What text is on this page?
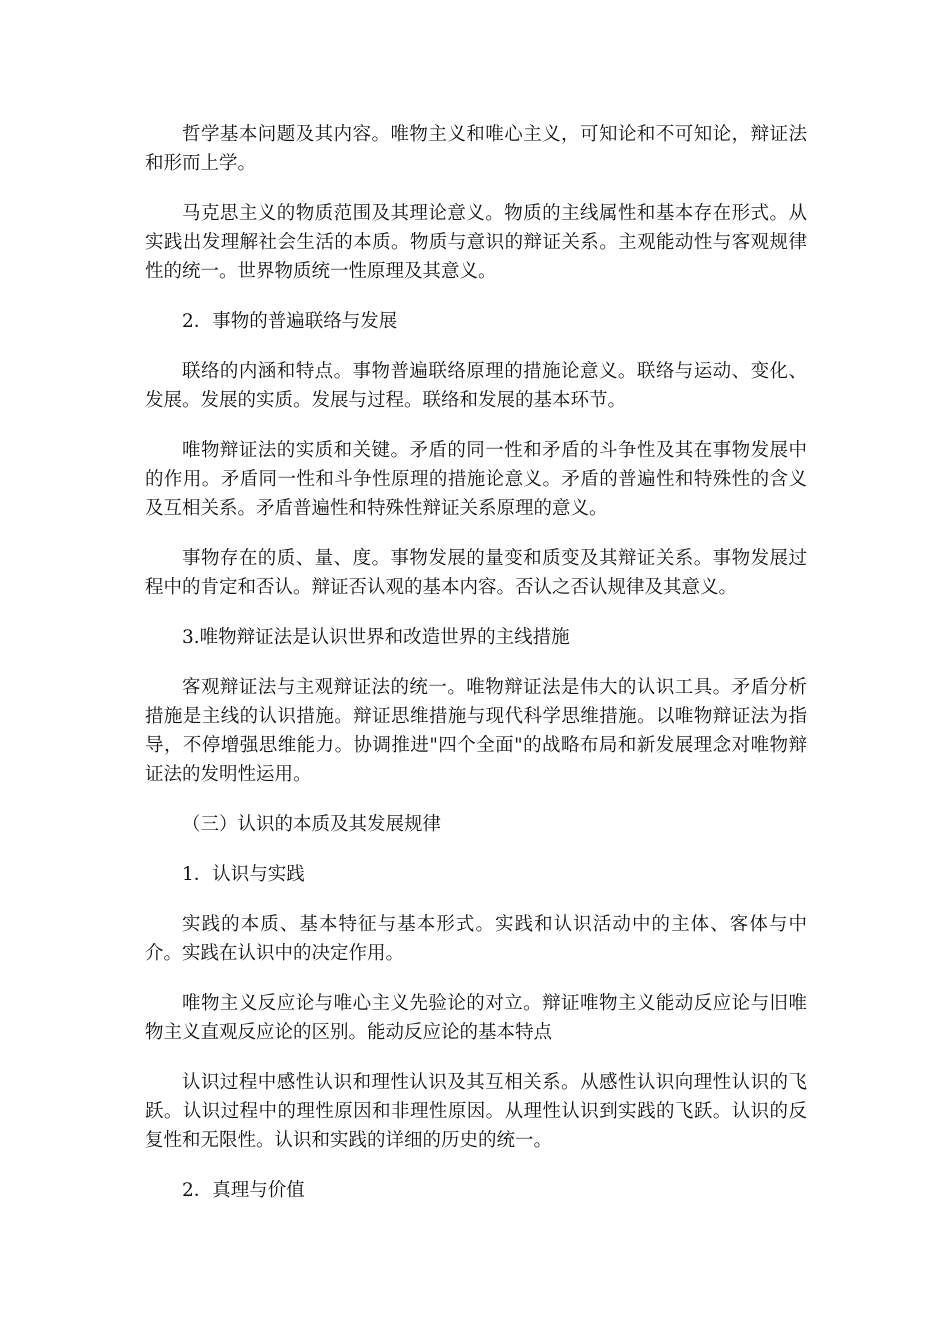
哲学基本问题及其内容。唯物主义和唯心主义，可知论和不可知论，辩证法和形而上学。

马克思主义的物质范围及其理论意义。物质的主线属性和基本存在形式。从实践出发理解社会生活的本质。物质与意识的辩证关系。主观能动性与客观规律性的统一。世界物质统一性原理及其意义。

2．事物的普遍联络与发展

联络的内涵和特点。事物普遍联络原理的措施论意义。联络与运动、变化、发展。发展的实质。发展与过程。联络和发展的基本环节。

唯物辩证法的实质和关键。矛盾的同一性和矛盾的斗争性及其在事物发展中的作用。矛盾同一性和斗争性原理的措施论意义。矛盾的普遍性和特殊性的含义及互相关系。矛盾普遍性和特殊性辩证关系原理的意义。

事物存在的质、量、度。事物发展的量变和质变及其辩证关系。事物发展过程中的肯定和否认。辩证否认观的基本内容。否认之否认规律及其意义。

3.唯物辩证法是认识世界和改造世界的主线措施

客观辩证法与主观辩证法的统一。唯物辩证法是伟大的认识工具。矛盾分析措施是主线的认识措施。辩证思维措施与现代科学思维措施。以唯物辩证法为指导，不停增强思维能力。协调推进"四个全面"的战略布局和新发展理念对唯物辩证法的发明性运用。

（三）认识的本质及其发展规律

1．认识与实践

实践的本质、基本特征与基本形式。实践和认识活动中的主体、客体与中介。实践在认识中的决定作用。

唯物主义反应论与唯心主义先验论的对立。辩证唯物主义能动反应论与旧唯物主义直观反应论的区别。能动反应论的基本特点

认识过程中感性认识和理性认识及其互相关系。从感性认识向理性认识的飞跃。认识过程中的理性原因和非理性原因。从理性认识到实践的飞跃。认识的反复性和无限性。认识和实践的详细的历史的统一。

2．真理与价值
